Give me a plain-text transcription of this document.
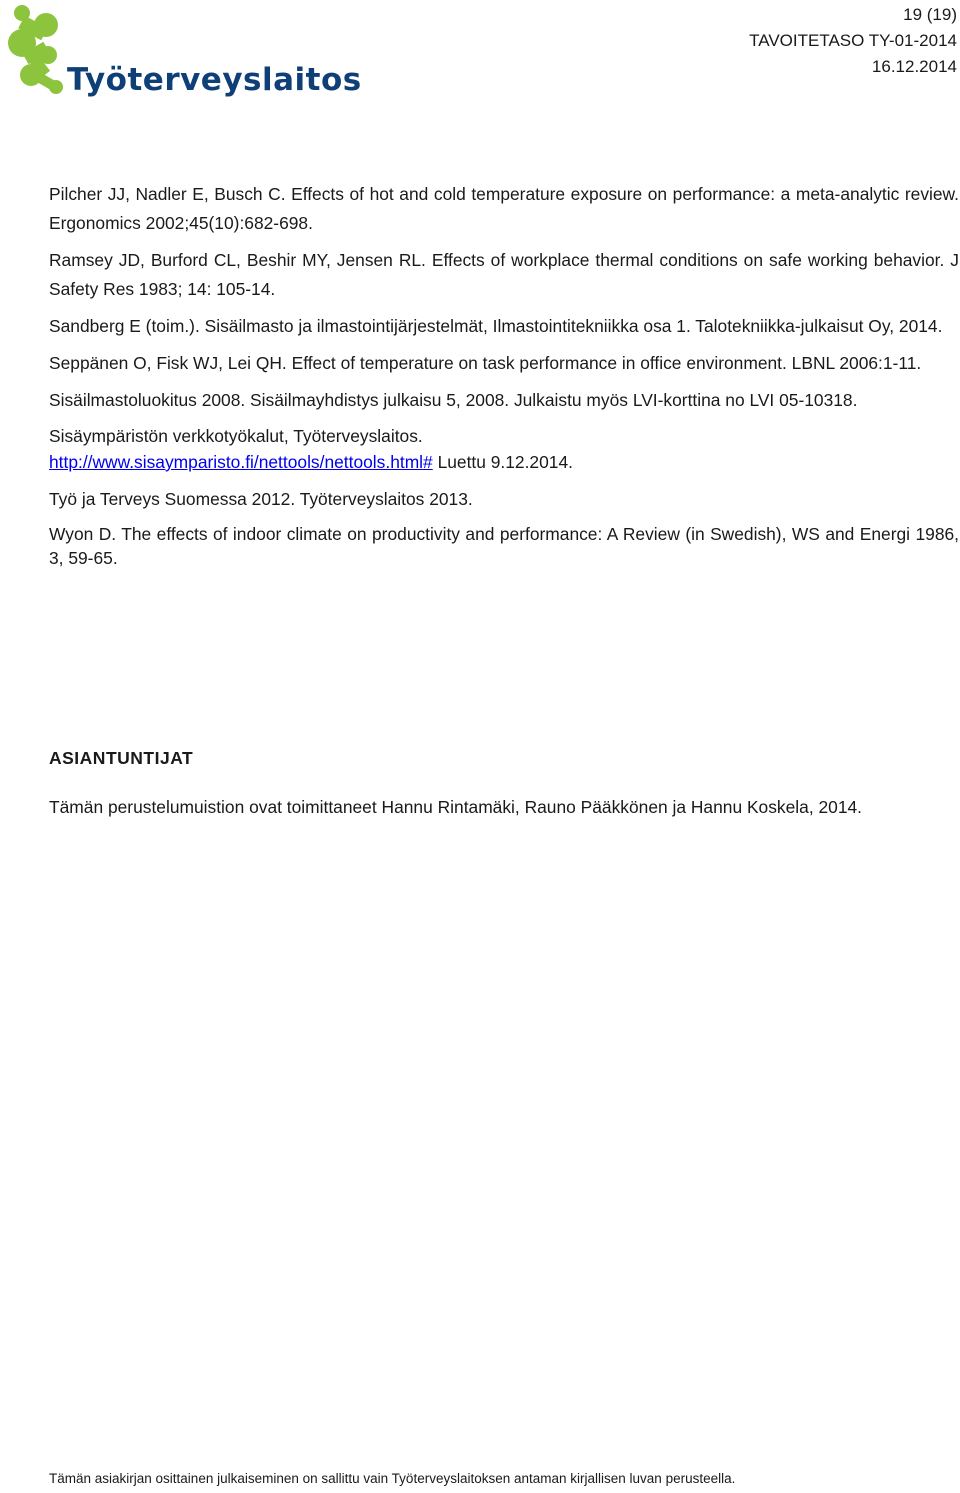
Työterveyslaitos
19 (19)
TAVOITETASO TY-01-2014
16.12.2014

Pilcher JJ, Nadler E, Busch C. Effects of hot and cold temperature exposure on performance: a meta-analytic review. Ergonomics 2002;45(10):682-698.

Ramsey JD, Burford CL, Beshir MY, Jensen RL. Effects of workplace thermal conditions on safe working behavior. J Safety Res 1983; 14: 105-14.

Sandberg E (toim.). Sisäilmasto ja ilmastointijärjestelmät, Ilmastointitekniikka osa 1. Talotekniikka-julkaisut Oy, 2014.

Seppänen O, Fisk WJ, Lei QH. Effect of temperature on task performance in office environment. LBNL 2006:1-11.

Sisäilmastoluokitus 2008. Sisäilmayhdistys julkaisu 5, 2008. Julkaistu myös LVI-korttina no LVI 05-10318.

Sisäympäristön verkkotyökalut, Työterveyslaitos.
http://www.sisaymparisto.fi/nettools/nettools.html# Luettu 9.12.2014.

Työ ja Terveys Suomessa 2012. Työterveyslaitos 2013.

Wyon D. The effects of indoor climate on productivity and performance: A Review (in Swedish), WS and Energi 1986, 3, 59-65.

ASIANTUNTIJAT

Tämän perustelumuistion ovat toimittaneet Hannu Rintamäki, Rauno Pääkkönen ja Hannu Koskela, 2014.

Tämän asiakirjan osittainen julkaiseminen on sallittu vain Työterveyslaitoksen antaman kirjallisen luvan perusteella.
